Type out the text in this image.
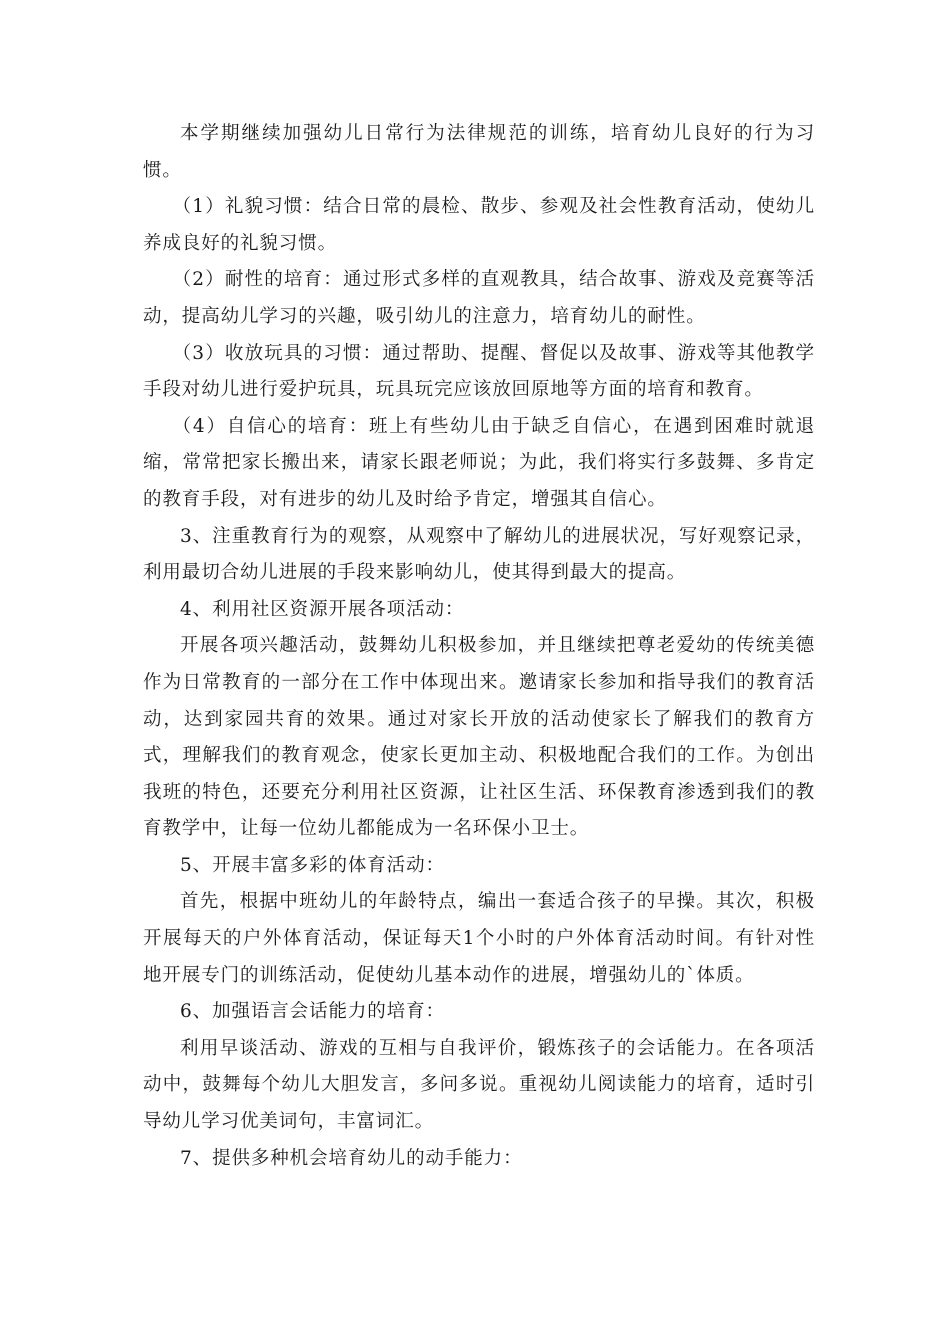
本学期继续加强幼儿日常行为法律规范的训练，培育幼儿良好的行为习惯。

（1）礼貌习惯：结合日常的晨检、散步、参观及社会性教育活动，使幼儿养成良好的礼貌习惯。

（2）耐性的培育：通过形式多样的直观教具，结合故事、游戏及竞赛等活动，提高幼儿学习的兴趣，吸引幼儿的注意力，培育幼儿的耐性。

（3）收放玩具的习惯：通过帮助、提醒、督促以及故事、游戏等其他教学手段对幼儿进行爱护玩具，玩具玩完应该放回原地等方面的培育和教育。

（4）自信心的培育：班上有些幼儿由于缺乏自信心，在遇到困难时就退缩，常常把家长搬出来，请家长跟老师说；为此，我们将实行多鼓舞、多肯定的教育手段，对有进步的幼儿及时给予肯定，增强其自信心。

3、注重教育行为的观察，从观察中了解幼儿的进展状况，写好观察记录，利用最切合幼儿进展的手段来影响幼儿，使其得到最大的提高。

4、利用社区资源开展各项活动：

开展各项兴趣活动，鼓舞幼儿积极参加，并且继续把尊老爱幼的传统美德作为日常教育的一部分在工作中体现出来。邀请家长参加和指导我们的教育活动，达到家园共育的效果。通过对家长开放的活动使家长了解我们的教育方式，理解我们的教育观念，使家长更加主动、积极地配合我们的工作。为创出我班的特色，还要充分利用社区资源，让社区生活、环保教育渗透到我们的教育教学中，让每一位幼儿都能成为一名环保小卫士。

5、开展丰富多彩的体育活动：

首先，根据中班幼儿的年龄特点，编出一套适合孩子的早操。其次，积极开展每天的户外体育活动，保证每天1个小时的户外体育活动时间。有针对性地开展专门的训练活动，促使幼儿基本动作的进展，增强幼儿的`体质。

6、加强语言会话能力的培育：

利用早谈活动、游戏的互相与自我评价，锻炼孩子的会话能力。在各项活动中，鼓舞每个幼儿大胆发言，多问多说。重视幼儿阅读能力的培育，适时引导幼儿学习优美词句，丰富词汇。

7、提供多种机会培育幼儿的动手能力：
